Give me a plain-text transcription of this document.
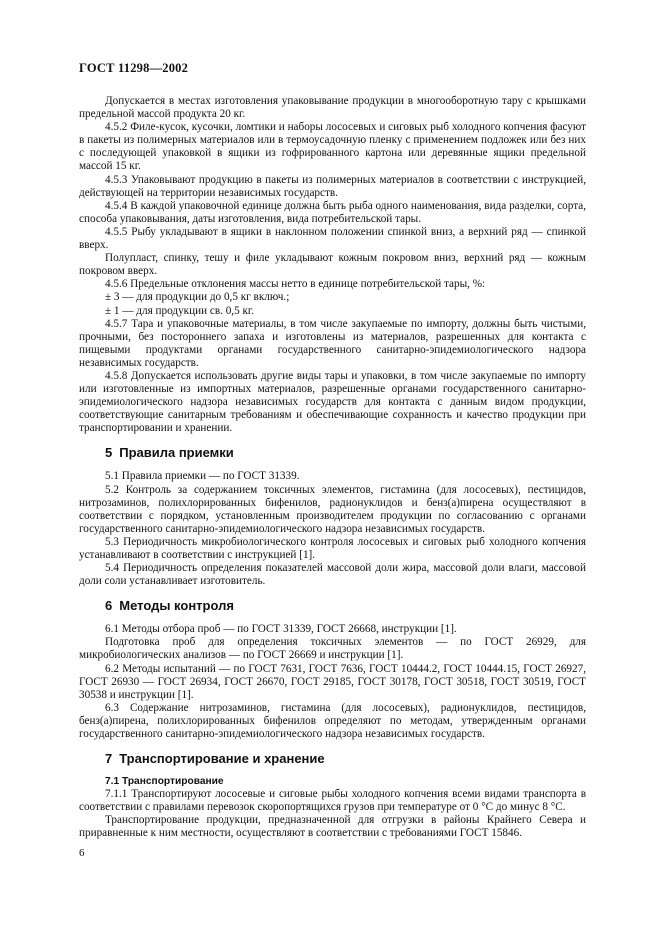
ГОСТ 11298—2002

Допускается в местах изготовления упаковывание продукции в многооборотную тару с крышками предельной массой продукта 20 кг.

4.5.2 Филе-кусок, кусочки, ломтики и наборы лососевых и сиговых рыб холодного копчения фасуют в пакеты из полимерных материалов или в термоусадочную пленку с применением подложек или без них с последующей упаковкой в ящики из гофрированного картона или деревянные ящики предельной массой 15 кг.

4.5.3 Упаковывают продукцию в пакеты из полимерных материалов в соответствии с инструкцией, действующей на территории независимых государств.

4.5.4 В каждой упаковочной единице должна быть рыба одного наименования, вида разделки, сорта, способа упаковывания, даты изготовления, вида потребительской тары.

4.5.5 Рыбу укладывают в ящики в наклонном положении спинкой вниз, а верхний ряд — спинкой вверх.

Полупласт, спинку, тешу и филе укладывают кожным покровом вниз, верхний ряд — кожным покровом вверх.

4.5.6 Предельные отклонения массы нетто в единице потребительской тары, %:

± 3 — для продукции до 0,5 кг включ.;

± 1 — для продукции св. 0,5 кг.

4.5.7 Тара и упаковочные материалы, в том числе закупаемые по импорту, должны быть чистыми, прочными, без постороннего запаха и изготовлены из материалов, разрешенных для контакта с пищевыми продуктами органами государственного санитарно-эпидемиологического надзора независимых государств.

4.5.8 Допускается использовать другие виды тары и упаковки, в том числе закупаемые по импорту или изготовленные из импортных материалов, разрешенные органами государственного санитарно-эпидемиологического надзора независимых государств для контакта с данным видом продукции, соответствующие санитарным требованиям и обеспечивающие сохранность и качество продукции при транспортировании и хранении.

5 Правила приемки

5.1 Правила приемки — по ГОСТ 31339.

5.2 Контроль за содержанием токсичных элементов, гистамина (для лососевых), пестицидов, нитрозаминов, полихлорированных бифенилов, радионуклидов и бенз(а)пирена осуществляют в соответствии с порядком, установленным производителем продукции по согласованию с органами государственного санитарно-эпидемиологического надзора независимых государств.

5.3 Периодичность микробиологического контроля лососевых и сиговых рыб холодного копчения устанавливают в соответствии с инструкцией [1].

5.4 Периодичность определения показателей массовой доли жира, массовой доли влаги, массовой доли соли устанавливает изготовитель.

6 Методы контроля

6.1 Методы отбора проб — по ГОСТ 31339, ГОСТ 26668, инструкции [1].

Подготовка проб для определения токсичных элементов — по ГОСТ 26929, для микробиологических анализов — по ГОСТ 26669 и инструкции [1].

6.2 Методы испытаний — по ГОСТ 7631, ГОСТ 7636, ГОСТ 10444.2, ГОСТ 10444.15, ГОСТ 26927, ГОСТ 26930 — ГОСТ 26934, ГОСТ 26670, ГОСТ 29185, ГОСТ 30178, ГОСТ 30518, ГОСТ 30519, ГОСТ 30538 и инструкции [1].

6.3 Содержание нитрозаминов, гистамина (для лососевых), радионуклидов, пестицидов, бенз(а)пирена, полихлорированных бифенилов определяют по методам, утвержденным органами государственного санитарно-эпидемиологического надзора независимых государств.

7 Транспортирование и хранение
7.1 Транспортирование

7.1.1 Транспортируют лососевые и сиговые рыбы холодного копчения всеми видами транспорта в соответствии с правилами перевозок скоропортящихся грузов при температуре от 0 °С до минус 8 °С.

Транспортирование продукции, предназначенной для отгрузки в районы Крайнего Севера и приравненные к ним местности, осуществляют в соответствии с требованиями ГОСТ 15846.

6
